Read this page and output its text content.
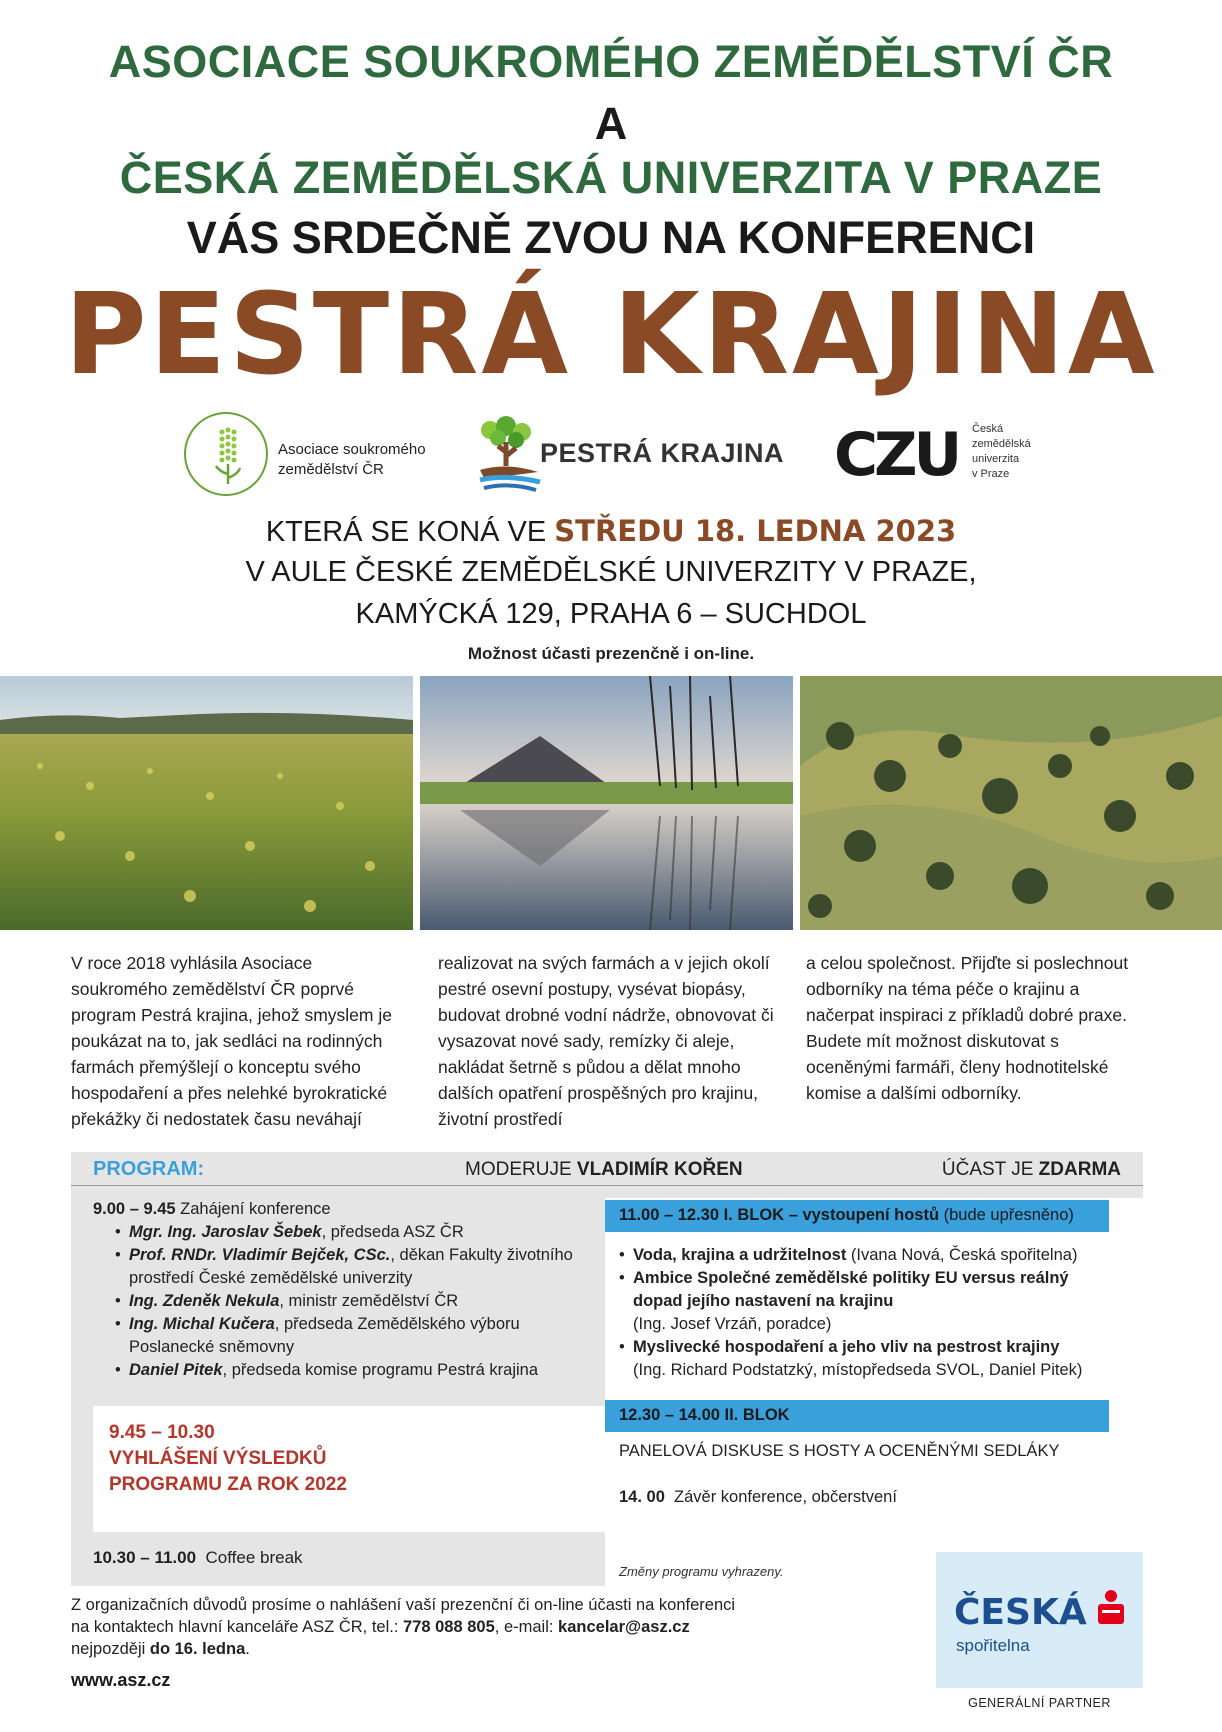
ASOCIACE SOUKROMÉHO ZEMĚDĚLSTVÍ ČR
A
ČESKÁ ZEMĚDĚLSKÁ UNIVERZITA V PRAZE
VÁS SRDEČNĚ ZVOU NA KONFERENCI
PESTRÁ KRAJINA
Asociace soukromého
zemědělství ČR
PESTRÁ KRAJINA CZU Česká
zemědělská
univerzita
v Praze
KTERÁ SE KONÁ VE STŘEDU 18. LEDNA 2023
V AULE ČESKÉ ZEMĚDĚLSKÉ UNIVERZITY V PRAZE,
KAMÝCKÁ 129, PRAHA 6 – SUCHDOL
Možnost účasti prezenčně i on-line.
V roce 2018 vyhlásila Asociace soukromého zemědělství ČR poprvé program Pestrá krajina, jehož smyslem je poukázat na to, jak sedláci na rodinných farmách přemýšlejí o konceptu svého hospodaření a přes nelehké byrokratické překážky či nedostatek času neváhají
realizovat na svých farmách a v jejich okolí pestré osevní postupy, vysévat biopásy, budovat drobné vodní nádrže, obnovovat či vysazovat nové sady, remízky či aleje, nakládat šetrně s půdou a dělat mnoho dalších opatření prospěšných pro krajinu, životní prostředí
a celou společnost. Přijďte si poslechnout odborníky na téma péče o krajinu a načerpat inspiraci z příkladů dobré praxe. Budete mít možnost diskutovat s oceněnými farmáři, členy hodnotitelské komise a dalšími odborníky.
PROGRAM:	MODERUJE VLADIMÍR KOŘEN	ÚČAST JE ZDARMA
9.00 – 9.45 Zahájení konference
• Mgr. Ing. Jaroslav Šebek, předseda ASZ ČR
• Prof. RNDr. Vladimír Bejček, CSc., děkan Fakulty životního prostředí České zemědělské univerzity
• Ing. Zdeněk Nekula, ministr zemědělství ČR
• Ing. Michal Kučera, předseda Zemědělského výboru Poslanecké sněmovny
• Daniel Pitek, předseda komise programu Pestrá krajina
9.45 – 10.30
VYHLÁŠENÍ VÝSLEDKŮ
PROGRAMU ZA ROK 2022
10.30 – 11.00 Coffee break
11.00 – 12.30 I. BLOK – vystoupení hostů (bude upřesněno)
• Voda, krajina a udržitelnost (Ivana Nová, Česká spořitelna)
• Ambice Společné zemědělské politiky EU versus reálný dopad jejího nastavení na krajinu
(Ing. Josef Vrzáň, poradce)
• Myslivecké hospodaření a jeho vliv na pestrost krajiny
(Ing. Richard Podstatzký, místopředseda SVOL, Daniel Pitek)
12.30 – 14.00 II. BLOK
PANELOVÁ DISKUSE S HOSTY A OCENĚNÝMI SEDLÁKY
14. 00 Závěr konference, občerstvení
Změny programu vyhrazeny.
ČESKÁ
spořitelna
GENERÁLNÍ PARTNER
Z organizačních důvodů prosíme o nahlášení vaší prezenční či on-line účasti na konferenci
na kontaktech hlavní kanceláře ASZ ČR, tel.: 778 088 805, e-mail: kancelar@asz.cz
nejpozději do 16. ledna.
www.asz.cz
